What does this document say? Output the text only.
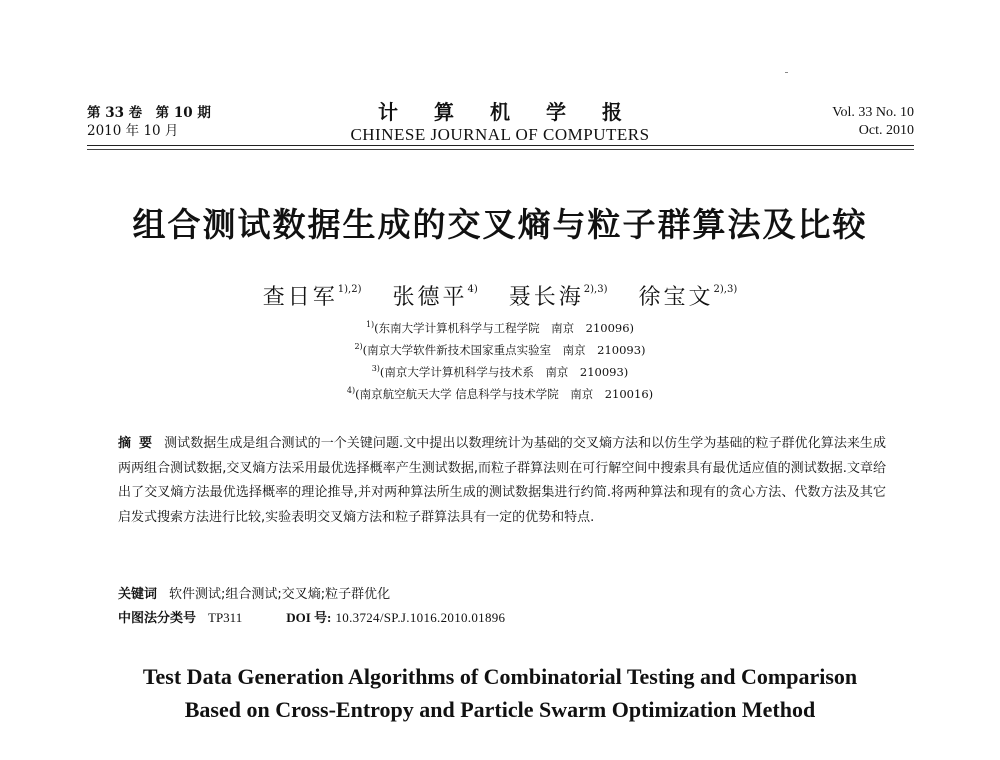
第 33 卷　第 10 期
2010 年 10 月
计算机学报
CHINESE JOURNAL OF COMPUTERS
Vol. 33 No. 10
Oct. 2010
组合测试数据生成的交叉熵与粒子群算法及比较
查日军$^{1),2)}$ 张德平$^{4)}$ 聂长海$^{2),3)}$ 徐宝文$^{2),3)}$
$^{1)}$(东南大学计算机科学与工程学院　南京　210096)
$^{2)}$(南京大学软件新技术国家重点实验室　南京　210093)
$^{3)}$(南京大学计算机科学与技术系　南京　210093)
$^{4)}$(南京航空航天大学 信息科学与技术学院　南京　210016)
摘要 测试数据生成是组合测试的一个关键问题.文中提出以数理统计为基础的交叉熵方法和以仿生学为基础的粒子群优化算法来生成两两组合测试数据,交叉熵方法采用最优选择概率产生测试数据,而粒子群算法则在可行解空间中搜索具有最优适应值的测试数据.文章给出了交叉熵方法最优选择概率的理论推导,并对两种算法所生成的测试数据集进行约简.将两种算法和现有的贪心方法、代数方法及其它启发式搜索方法进行比较,实验表明交叉熵方法和粒子群算法具有一定的优势和特点.
关键词 软件测试;组合测试;交叉熵;粒子群优化
中图法分类号 TP311	DOI 号: 10.3724/SP.J.1016.2010.01896
Test Data Generation Algorithms of Combinatorial Testing and Comparison
Based on Cross-Entropy and Particle Swarm Optimization Method
